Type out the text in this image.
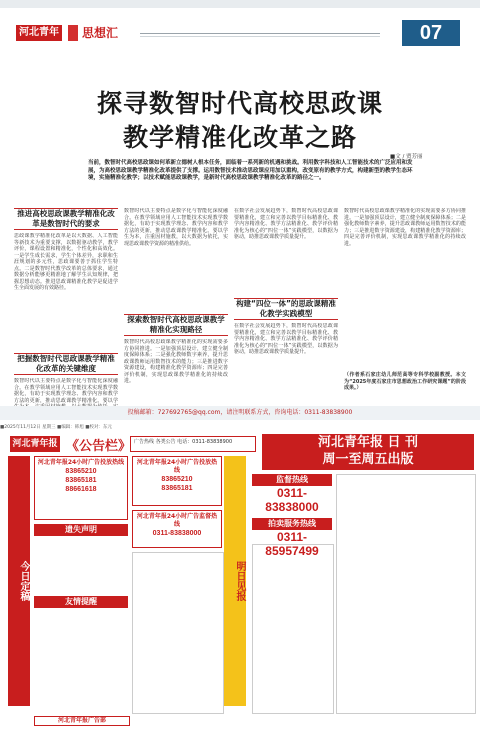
河北青年报
思想汇	07
探寻数智时代高校思政课
教学精准化改革之路
■文 / 贾芳丽
当前，数智时代高校思政课如何革新立德树人根本任务，面临着一系列新的机遇和挑战。利用数字科技和人工智能技术的广泛应用和发展，为高校思政课教学精准化改革提供了支撑。运用数智技术推动思政课应用加以重构，改变原有的教学方式，构建新型的教学生态环境，实施精准化教学；以技术赋能思政课教学，是新时代高校思政课教学精准化改革的路径之一。
推进高校思政课教学精准化改革是数智时代的要求
思政课教学精准化改革是以大数据、人工智能等新技术为重要支撑，以数据驱动教学，教学评价，课程设置和精准化，个性化和高效化。一是学生成长需求，学生个体差异，求职和生涯规划的多元性，思政课要善于抓住学生特点。二是数智时代教学改革的总体要求，通过数据分析能够更精准地了解学生认知规律，把握思想动态。推进思政课精准化教学是促进学生全面发展的有效路径。
把握数智时代思政课教学精准化改革的关键维度
数智时代以主要特点是数字化与智能化深度融合。在教学领域应用人工智能技术实现教学数据化，有助于实现教学理念、教学内容和教学方法的更新，推动思政课教学精准化。要以学
数智时代以主要特点是数字化与智能化深度融合。在教学领域应用人工智能技术实现教学数据化，有助于实现教学理念、教学内容和教学方法的更新，推动思政课教学精准化。要以学生为本，注重因材施教，以大数据为依托，实现思政课教学资源的精准供给。
探索数智时代高校思政课教学精准化实现路径
数智时代高校思政课教学精准化的实现需要多方协同推进。一是加强顶层设计，建立健全制度保障体系；二是强化教师数字素养，提升思政课教师运用数智技术的能力；三是推进数字资源建设，构建精准化教学资源库；四是完善评价机制，实现思政课教学精准化的持续改进。
在数字社会发展趋势下，数智时代高校思政课要精准化，建立和完善以教学目标精准化、教学内容精准化、教学方法精准化、教学评价精准化为核心的“四位一体”实践模型，以数据为驱动，助推思政课教学质量提升。
构建“四位一体”的思政课精准化教学实践模型
在数字社会发展趋势下，数智时代高校思政课要精准化，建立和完善以教学目标精准化、教学内容精准化、教学方法精准化、教学评价精准化为核心的“四位一体”实践模型，以数据为驱动，助推思政课教学质量提升。
数智时代高校思政课教学精准化的实现需要多方协同推进。一是加强顶层设计，建立健全制度保障体系；二是强化教师数字素养，提升思政课教师运用数智技术的能力；三是推进数字资源建设，构建精准化教学资源库；四是完善评价机制，实现思政课教学精准化的持续改进。
（作者系石家庄幼儿师范高等专科学校副教授。本文为“2025年度石家庄市思想政治工作研究课题”的阶段成果。）
投稿邮箱：727692765@qq.com，请注明联系方式，咨询电话：0311-83838900
■2025年11月12日 星期三 ■编辑：韩旭 ■校对：东元
河北青年报 《公告栏》 广告热线 各类公告 电话：0311-83838900	河北青年报 日 刊
周一至周五出版
今日定稿
河北青年报24小时广告投放热线
83865210
83865181
88661618
遗失声明
友情提醒
河北青年报广告部
河北青年报24小时广告投放热线
83865210
83865181
河北青年报24小时广告监督热线
0311-83838000
明日见报
监督热线
0311-83838000
拍卖服务热线
0311-85957499
